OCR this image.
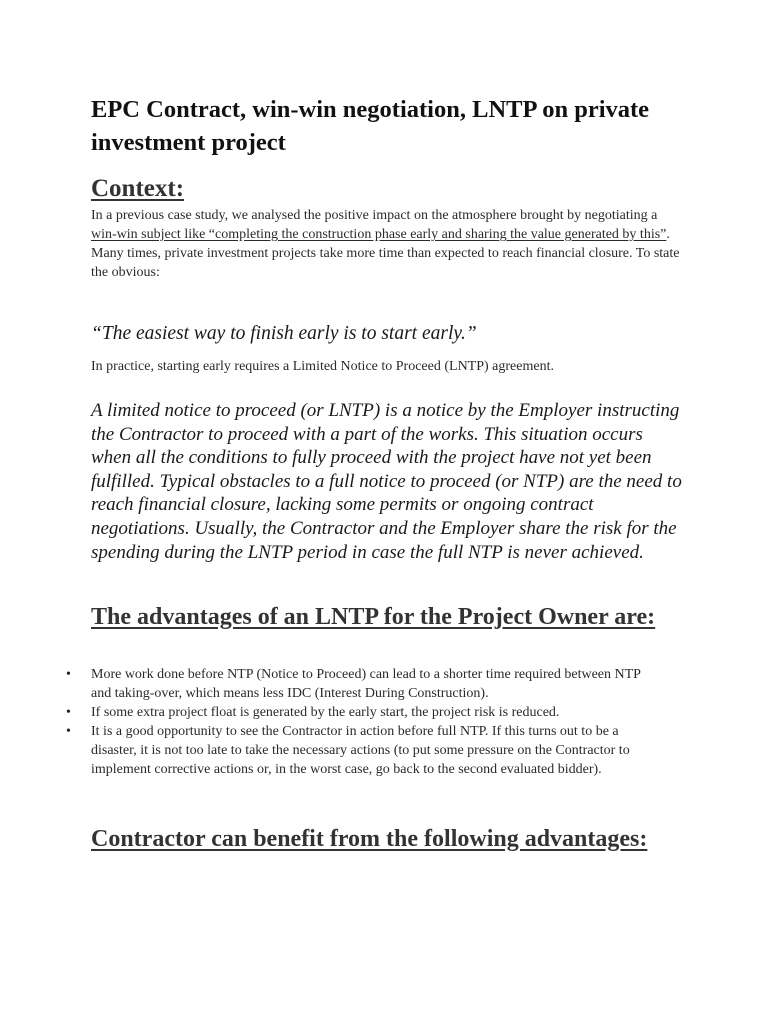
EPC Contract, win-win negotiation, LNTP on private investment project
Context:

In a previous case study, we analysed the positive impact on the atmosphere brought by negotiating a win-win subject like “completing the construction phase early and sharing the value generated by this”.
Many times, private investment projects take more time than expected to reach financial closure. To state the obvious:

“The easiest way to finish early is to start early.”

In practice, starting early requires a Limited Notice to Proceed (LNTP) agreement.

A limited notice to proceed (or LNTP) is a notice by the Employer instructing the Contractor to proceed with a part of the works. This situation occurs when all the conditions to fully proceed with the project have not yet been fulfilled. Typical obstacles to a full notice to proceed (or NTP) are the need to reach financial closure, lacking some permits or ongoing contract negotiations. Usually, the Contractor and the Employer share the risk for the spending during the LNTP period in case the full NTP is never achieved.

The advantages of an LNTP for the Project Owner are:
• More work done before NTP (Notice to Proceed) can lead to a shorter time required between NTP and taking-over, which means less IDC (Interest During Construction).
• If some extra project float is generated by the early start, the project risk is reduced.
• It is a good opportunity to see the Contractor in action before full NTP. If this turns out to be a disaster, it is not too late to take the necessary actions (to put some pressure on the Contractor to implement corrective actions or, in the worst case, go back to the second evaluated bidder).
Contractor can benefit from the following advantages:
